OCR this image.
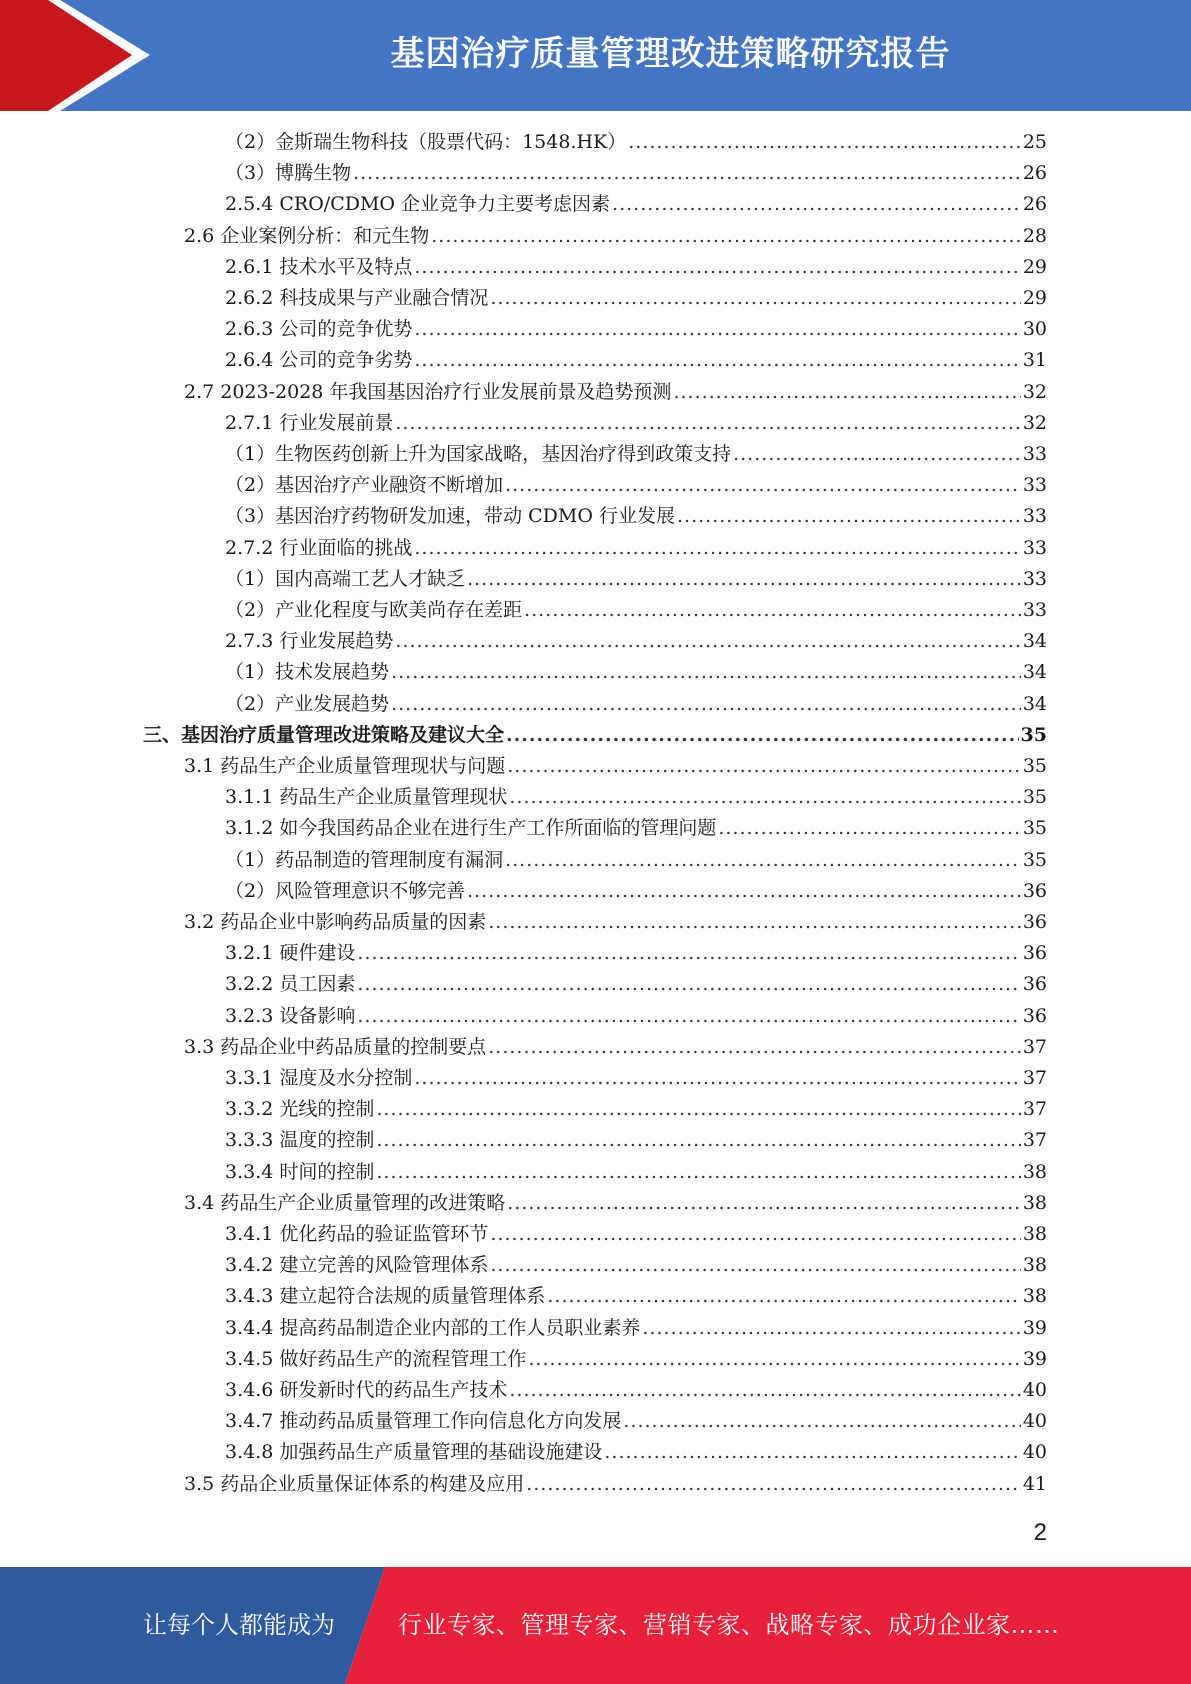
基因治疗质量管理改进策略研究报告
（2）金斯瑞生物科技（股票代码：1548.HK） .....	25
（3）博腾生物 .....	26
2.5.4 CRO/CDMO 企业竞争力主要考虑因素 .....	26
2.6 企业案例分析：和元生物 .....	28
2.6.1 技术水平及特点 .....	29
2.6.2 科技成果与产业融合情况 .....	29
2.6.3 公司的竞争优势 .....	30
2.6.4 公司的竞争劣势 .....	31
2.7 2023-2028 年我国基因治疗行业发展前景及趋势预测 .....	32
2.7.1 行业发展前景 .....	32
（1）生物医药创新上升为国家战略，基因治疗得到政策支持 .....	33
（2）基因治疗产业融资不断增加 .....	33
（3）基因治疗药物研发加速，带动 CDMO 行业发展 .....	33
2.7.2 行业面临的挑战 .....	33
（1）国内高端工艺人才缺乏 .....	33
（2）产业化程度与欧美尚存在差距 .....	33
2.7.3 行业发展趋势 .....	34
（1）技术发展趋势 .....	34
（2）产业发展趋势 .....	34
三、基因治疗质量管理改进策略及建议大全 .....	35
3.1 药品生产企业质量管理现状与问题 .....	35
3.1.1 药品生产企业质量管理现状 .....	35
3.1.2 如今我国药品企业在进行生产工作所面临的管理问题 .....	35
（1）药品制造的管理制度有漏洞 .....	35
（2）风险管理意识不够完善 .....	36
3.2 药品企业中影响药品质量的因素 .....	36
3.2.1 硬件建设 .....	36
3.2.2 员工因素 .....	36
3.2.3 设备影响 .....	36
3.3 药品企业中药品质量的控制要点 .....	37
3.3.1 湿度及水分控制 .....	37
3.3.2 光线的控制 .....	37
3.3.3 温度的控制 .....	37
3.3.4 时间的控制 .....	38
3.4 药品生产企业质量管理的改进策略 .....	38
3.4.1 优化药品的验证监管环节 .....	38
3.4.2 建立完善的风险管理体系 .....	38
3.4.3 建立起符合法规的质量管理体系 .....	38
3.4.4 提高药品制造企业内部的工作人员职业素养 .....	39
3.4.5 做好药品生产的流程管理工作 .....	39
3.4.6 研发新时代的药品生产技术 .....	40
3.4.7 推动药品质量管理工作向信息化方向发展 .....	40
3.4.8 加强药品生产质量管理的基础设施建设 .....	40
3.5 药品企业质量保证体系的构建及应用 .....	41
2
让每个人都能成为	行业专家、管理专家、营销专家、战略专家、成功企业家……
